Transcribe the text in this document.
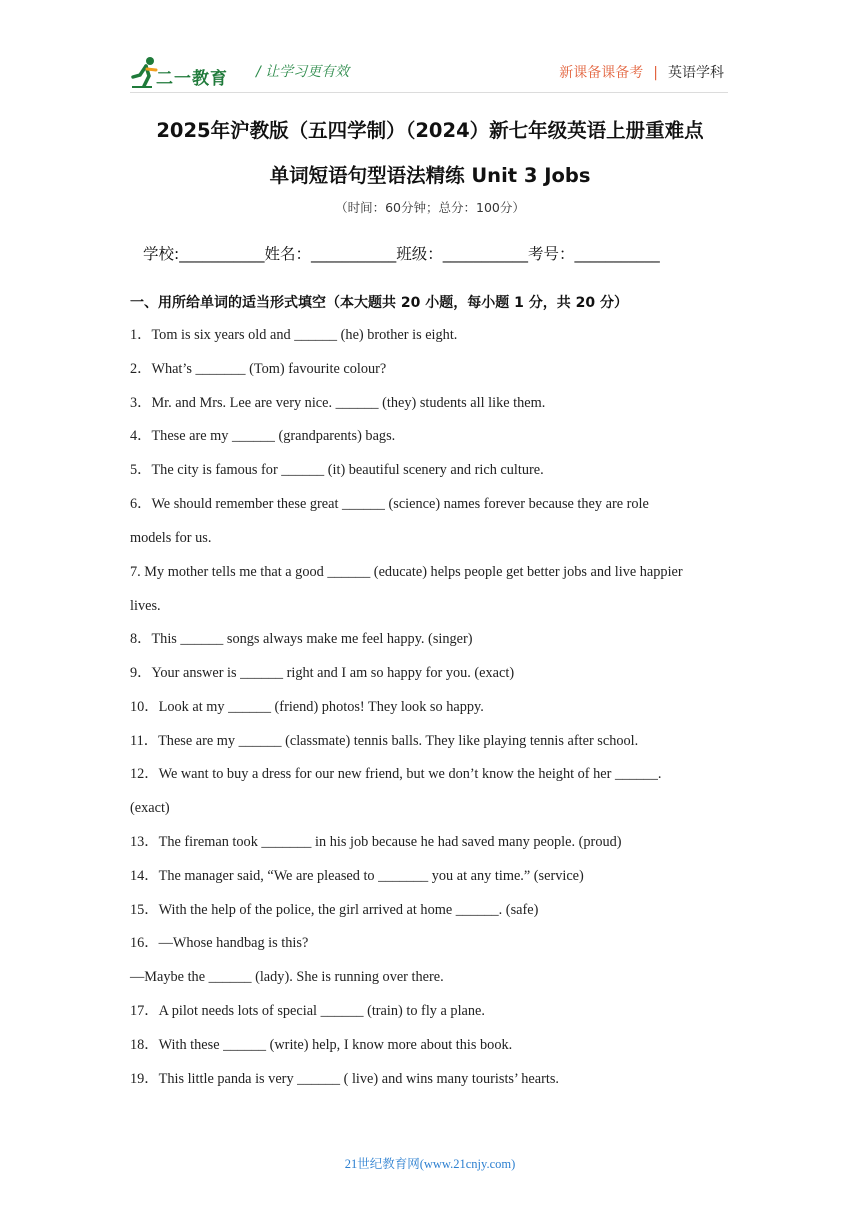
二一教育 / 让学习更有效	新课备课备考 | 英语学科
2025年沪教版（五四学制）（2024）新七年级英语上册重难点
单词短语句型语法精练 Unit 3 Jobs
（时间：60分钟；总分：100分）
学校:___________姓名：___________班级：___________考号：___________
一、用所给单词的适当形式填空（本大题共 20 小题，每小题 1 分，共 20 分）
1．Tom is six years old and ______ (he) brother is eight.
2．What’s _______ (Tom) favourite colour?
3．Mr. and Mrs. Lee are very nice. ______ (they) students all like them.
4．These are my ______ (grandparents) bags.
5．The city is famous for ______ (it) beautiful scenery and rich culture.
6．We should remember these great ______ (science) names forever because they are role
models for us.
7. My mother tells me that a good ______ (educate) helps people get better jobs and live happier
lives.
8．This ______ songs always make me feel happy. (singer)
9．Your answer is ______ right and I am so happy for you. (exact)
10．Look at my ______ (friend) photos! They look so happy.
11．These are my ______ (classmate) tennis balls. They like playing tennis after school.
12．We want to buy a dress for our new friend, but we don’t know the height of her ______.
(exact)
13．The fireman took _______ in his job because he had saved many people. (proud)
14．The manager said, “We are pleased to _______ you at any time.” (service)
15．With the help of the police, the girl arrived at home ______. (safe)
16．—Whose handbag is this?
—Maybe the ______ (lady). She is running over there.
17．A pilot needs lots of special ______ (train) to fly a plane.
18．With these ______ (write) help, I know more about this book.
19．This little panda is very ______ ( live) and wins many tourists’ hearts.
21世纪教育网(www.21cnjy.com)
